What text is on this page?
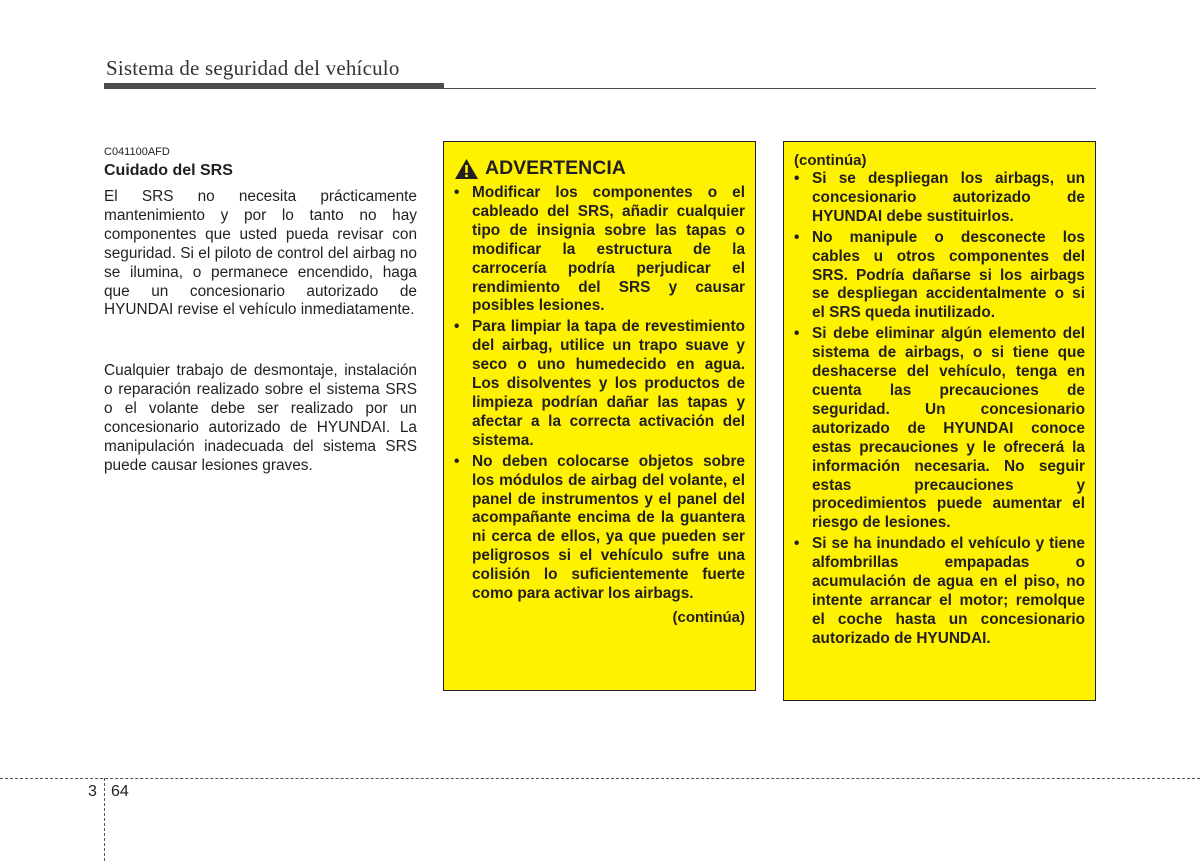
Sistema de seguridad del vehículo
C041100AFD
Cuidado del SRS
El SRS no necesita prácticamente mantenimiento y por lo tanto no hay componentes que usted pueda revisar con seguridad. Si el piloto de control del airbag no se ilumina, o permanece encendido, haga que un concesionario autorizado de HYUNDAI revise el vehículo inmediatamente.
Cualquier trabajo de desmontaje, instalación o reparación realizado sobre el sistema SRS o el volante debe ser realizado por un concesionario autorizado de HYUNDAI. La manipulación inadecuada del sistema SRS puede causar lesiones graves.
ADVERTENCIA
• Modificar los componentes o el cableado del SRS, añadir cualquier tipo de insignia sobre las tapas o modificar la estructura de la carrocería podría perjudicar el rendimiento del SRS y causar posibles lesiones.
• Para limpiar la tapa de revestimiento del airbag, utilice un trapo suave y seco o uno humedecido en agua. Los disolventes y los productos de limpieza podrían dañar las tapas y afectar a la correcta activación del sistema.
• No deben colocarse objetos sobre los módulos de airbag del volante, el panel de instrumentos y el panel del acompañante encima de la guantera ni cerca de ellos, ya que pueden ser peligrosos si el vehículo sufre una colisión lo suficientemente fuerte como para activar los airbags.
(continúa)
(continúa)
• Si se despliegan los airbags, un concesionario autorizado de HYUNDAI debe sustituirlos.
• No manipule o desconecte los cables u otros componentes del SRS. Podría dañarse si los airbags se despliegan accidentalmente o si el SRS queda inutilizado.
• Si debe eliminar algún elemento del sistema de airbags, o si tiene que deshacerse del vehículo, tenga en cuenta las precauciones de seguridad. Un concesionario autorizado de HYUNDAI conoce estas precauciones y le ofrecerá la información necesaria. No seguir estas precauciones y procedimientos puede aumentar el riesgo de lesiones.
• Si se ha inundado el vehículo y tiene alfombrillas empapadas o acumulación de agua en el piso, no intente arrancar el motor; remolque el coche hasta un concesionario autorizado de HYUNDAI.
3 64
